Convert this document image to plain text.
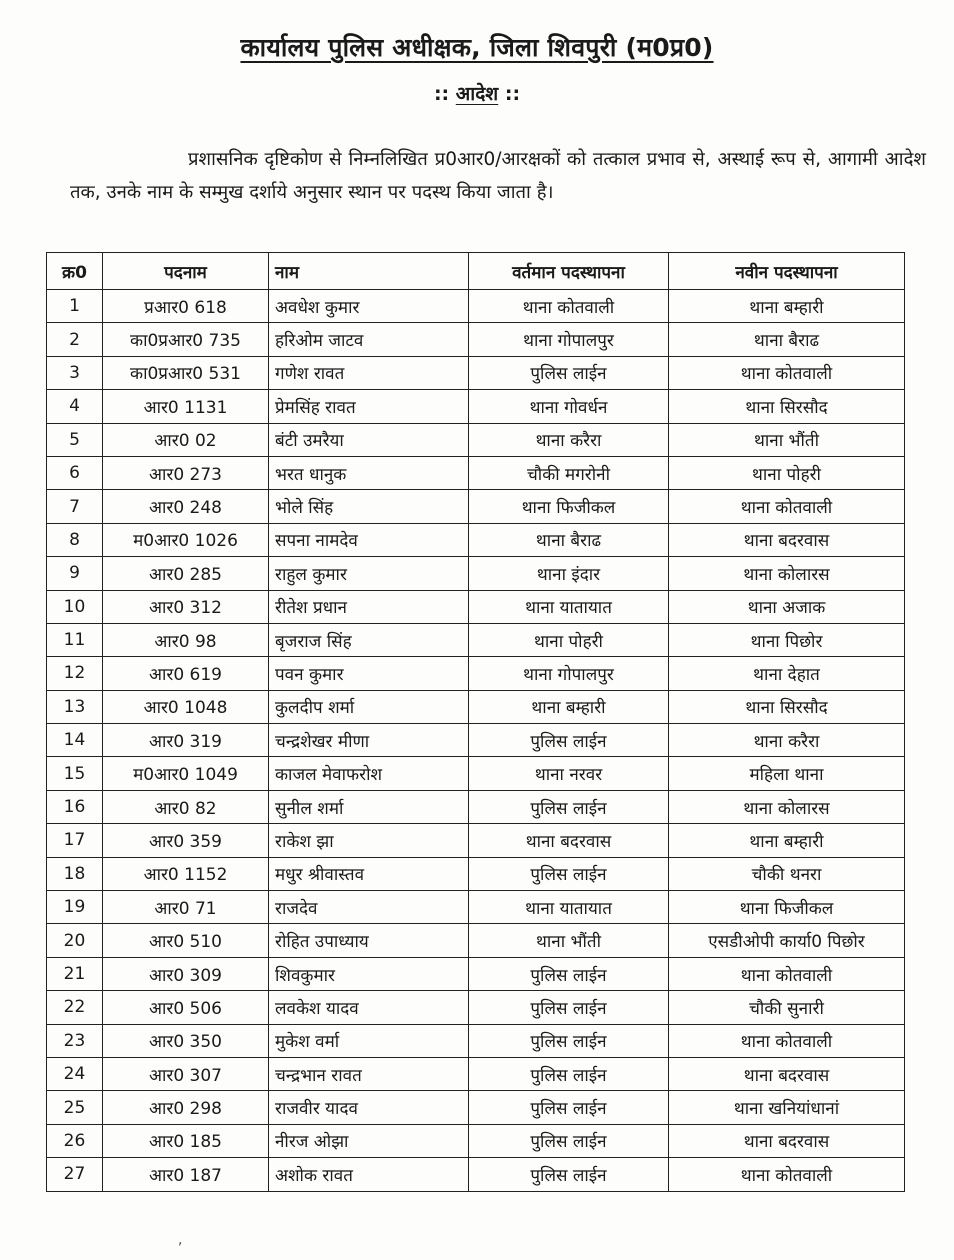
कार्यालय पुलिस अधीक्षक, जिला शिवपुरी (म0प्र0)
:: आदेश ::
प्रशासनिक दृष्टिकोण से निम्नलिखित प्र0आर0/आरक्षकों को तत्काल प्रभाव से, अस्थाई रूप से, आगामी आदेश तक, उनके नाम के सम्मुख दर्शाये अनुसार स्थान पर पदस्थ किया जाता है।
क्र0	पदनाम	नाम	वर्तमान पदस्थापना	नवीन पदस्थापना
1	प्रआर0 618	अवधेश कुमार	थाना कोतवाली	थाना बम्हारी
2	का0प्रआर0 735	हरिओम जाटव	थाना गोपालपुर	थाना बैराढ
3	का0प्रआर0 531	गणेश रावत	पुलिस लाईन	थाना कोतवाली
4	आर0 1131	प्रेमसिंह रावत	थाना गोवर्धन	थाना सिरसौद
5	आर0 02	बंटी उमरैया	थाना करैरा	थाना भौंती
6	आर0 273	भरत धानुक	चौकी मगरोनी	थाना पोहरी
7	आर0 248	भोले सिंह	थाना फिजीकल	थाना कोतवाली
8	म0आर0 1026	सपना नामदेव	थाना बैराढ	थाना बदरवास
9	आर0 285	राहुल कुमार	थाना इंदार	थाना कोलारस
10	आर0 312	रीतेश प्रधान	थाना यातायात	थाना अजाक
11	आर0 98	बृजराज सिंह	थाना पोहरी	थाना पिछोर
12	आर0 619	पवन कुमार	थाना गोपालपुर	थाना देहात
13	आर0 1048	कुलदीप शर्मा	थाना बम्हारी	थाना सिरसौद
14	आर0 319	चन्द्रशेखर मीणा	पुलिस लाईन	थाना करैरा
15	म0आर0 1049	काजल मेवाफरोश	थाना नरवर	महिला थाना
16	आर0 82	सुनील शर्मा	पुलिस लाईन	थाना कोलारस
17	आर0 359	राकेश झा	थाना बदरवास	थाना बम्हारी
18	आर0 1152	मधुर श्रीवास्तव	पुलिस लाईन	चौकी थनरा
19	आर0 71	राजदेव	थाना यातायात	थाना फिजीकल
20	आर0 510	रोहित उपाध्याय	थाना भौंती	एसडीओपी कार्या0 पिछोर
21	आर0 309	शिवकुमार	पुलिस लाईन	थाना कोतवाली
22	आर0 506	लवकेश यादव	पुलिस लाईन	चौकी सुनारी
23	आर0 350	मुकेश वर्मा	पुलिस लाईन	थाना कोतवाली
24	आर0 307	चन्द्रभान रावत	पुलिस लाईन	थाना बदरवास
25	आर0 298	राजवीर यादव	पुलिस लाईन	थाना खनियांधानां
26	आर0 185	नीरज ओझा	पुलिस लाईन	थाना बदरवास
27	आर0 187	अशोक रावत	पुलिस लाईन	थाना कोतवाली
,
